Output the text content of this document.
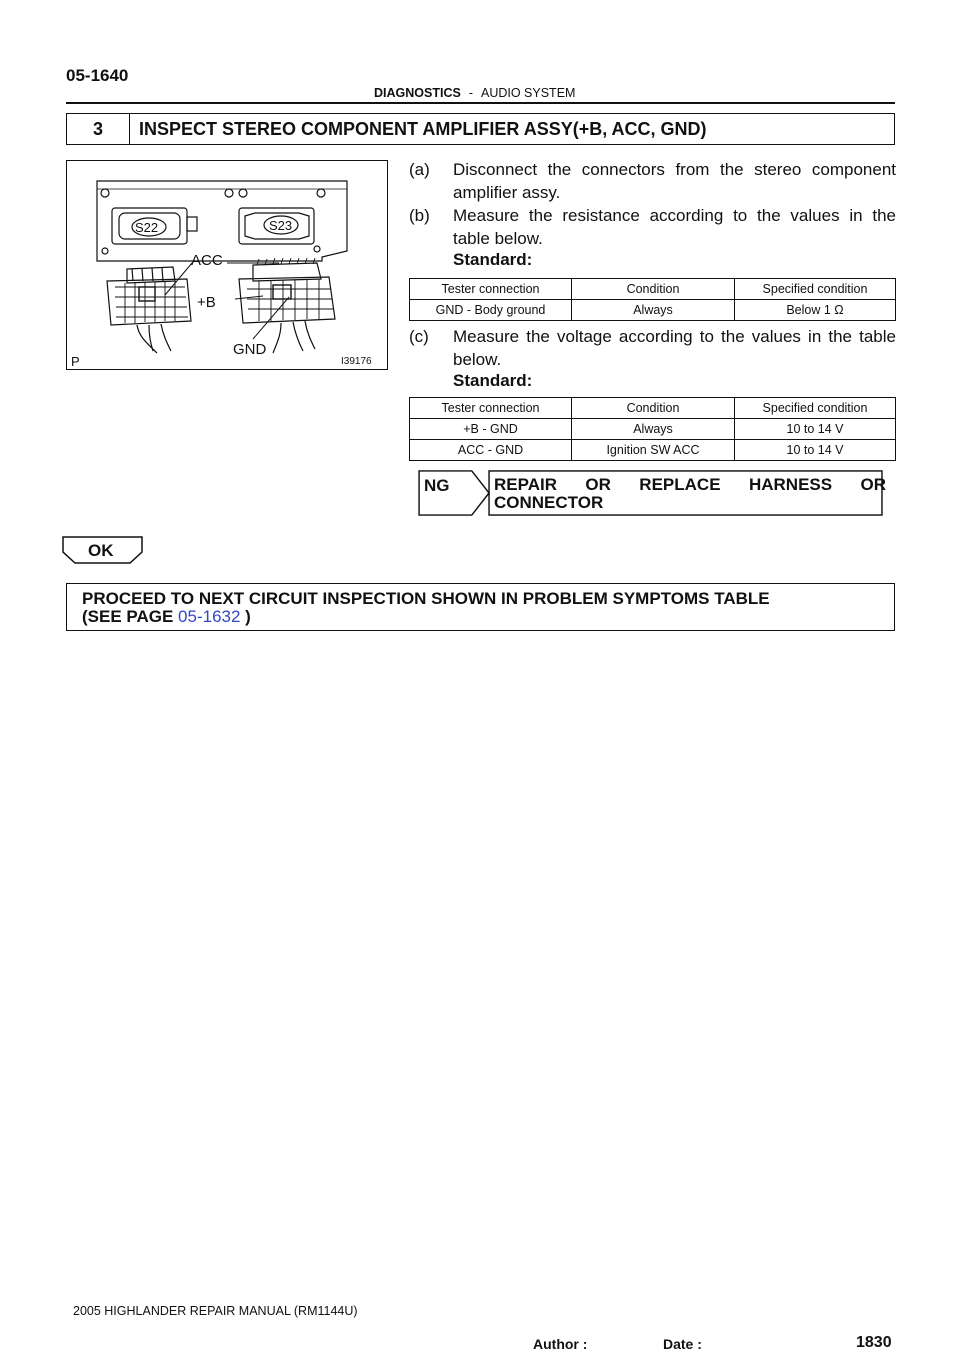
05-1640
DIAGNOSTICS - AUDIO SYSTEM
3	INSPECT STEREO COMPONENT AMPLIFIER ASSY(+B, ACC, GND)
S22	S23
ACC
+B
GND
I39176
P
(a) Disconnect the connectors from the stereo component amplifier assy.
(b) Measure the resistance according to the values in the table below.
Standard:
Tester connection	Condition	Specified condition
GND - Body ground	Always	Below 1 Ω
(c) Measure the voltage according to the values in the table below.
Standard:
Tester connection	Condition	Specified condition
+B - GND	Always	10 to 14 V
ACC - GND	Ignition SW ACC	10 to 14 V
NG	REPAIR OR REPLACE HARNESS OR CONNECTOR
OK
PROCEED TO NEXT CIRCUIT INSPECTION SHOWN IN PROBLEM SYMPTOMS TABLE
(SEE PAGE 05-1632 )
2005 HIGHLANDER REPAIR MANUAL (RM1144U)
Author :	Date :	1830
